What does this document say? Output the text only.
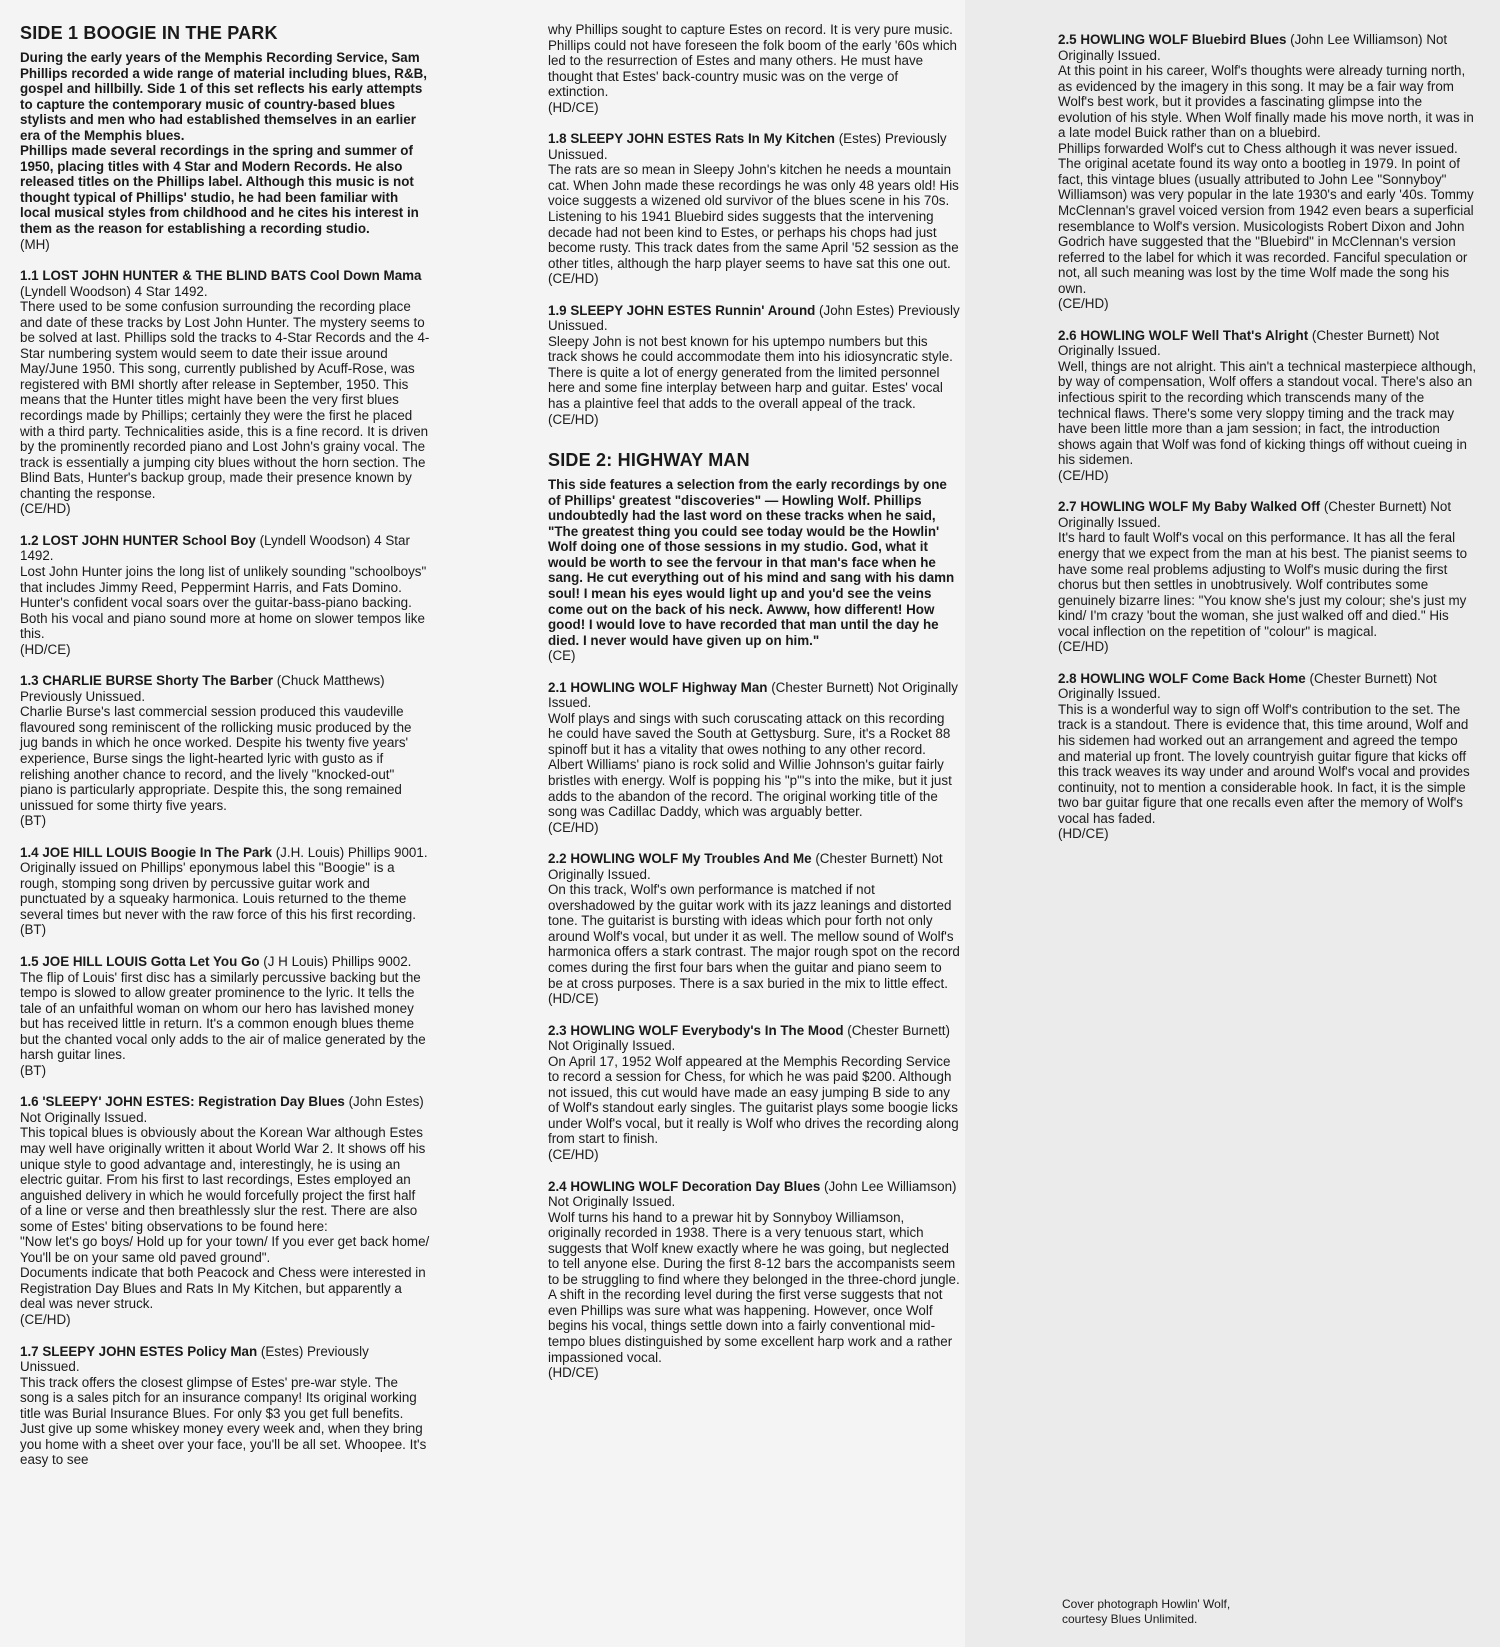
SIDE 1 BOOGIE IN THE PARK

During the early years of the Memphis Recording Service, Sam Phillips recorded a wide range of material including blues, R&B, gospel and hillbilly. Side 1 of this set reflects his early attempts to capture the contemporary music of country-based blues stylists and men who had established themselves in an earlier era of the Memphis blues.

Phillips made several recordings in the spring and summer of 1950, placing titles with 4 Star and Modern Records. He also released titles on the Phillips label. Although this music is not thought typical of Phillips' studio, he had been familiar with local musical styles from childhood and he cites his interest in them as the reason for establishing a recording studio.

(MH)

1.1 LOST JOHN HUNTER & THE BLIND BATS Cool Down Mama (Lyndell Woodson) 4 Star 1492.

There used to be some confusion surrounding the recording place and date of these tracks by Lost John Hunter. The mystery seems to be solved at last. Phillips sold the tracks to 4-Star Records and the 4-Star numbering system would seem to date their issue around May/June 1950. This song, currently published by Acuff-Rose, was registered with BMI shortly after release in September, 1950. This means that the Hunter titles might have been the very first blues recordings made by Phillips; certainly they were the first he placed with a third party. Technicalities aside, this is a fine record. It is driven by the prominently recorded piano and Lost John's grainy vocal. The track is essentially a jumping city blues without the horn section. The Blind Bats, Hunter's backup group, made their presence known by chanting the response.

(CE/HD)

1.2 LOST JOHN HUNTER School Boy (Lyndell Woodson) 4 Star 1492.

Lost John Hunter joins the long list of unlikely sounding "schoolboys" that includes Jimmy Reed, Peppermint Harris, and Fats Domino. Hunter's confident vocal soars over the guitar-bass-piano backing. Both his vocal and piano sound more at home on slower tempos like this.

(HD/CE)

1.3 CHARLIE BURSE Shorty The Barber (Chuck Matthews) Previously Unissued.

Charlie Burse's last commercial session produced this vaudeville flavoured song reminiscent of the rollicking music produced by the jug bands in which he once worked. Despite his twenty five years' experience, Burse sings the light-hearted lyric with gusto as if relishing another chance to record, and the lively "knocked-out" piano is particularly appropriate. Despite this, the song remained unissued for some thirty five years.

(BT)

1.4 JOE HILL LOUIS Boogie In The Park (J.H. Louis) Phillips 9001.

Originally issued on Phillips' eponymous label this "Boogie" is a rough, stomping song driven by percussive guitar work and punctuated by a squeaky harmonica. Louis returned to the theme several times but never with the raw force of this his first recording.

(BT)

1.5 JOE HILL LOUIS Gotta Let You Go (J H Louis) Phillips 9002.

The flip of Louis' first disc has a similarly percussive backing but the tempo is slowed to allow greater prominence to the lyric. It tells the tale of an unfaithful woman on whom our hero has lavished money but has received little in return. It's a common enough blues theme but the chanted vocal only adds to the air of malice generated by the harsh guitar lines.

(BT)

1.6 'SLEEPY' JOHN ESTES: Registration Day Blues (John Estes) Not Originally Issued.

This topical blues is obviously about the Korean War although Estes may well have originally written it about World War 2. It shows off his unique style to good advantage and, interestingly, he is using an electric guitar. From his first to last recordings, Estes employed an anguished delivery in which he would forcefully project the first half of a line or verse and then breathlessly slur the rest. There are also some of Estes' biting observations to be found here:

"Now let's go boys/ Hold up for your town/ If you ever get back home/ You'll be on your same old paved ground".

Documents indicate that both Peacock and Chess were interested in Registration Day Blues and Rats In My Kitchen, but apparently a deal was never struck.

(CE/HD)

1.7 SLEEPY JOHN ESTES Policy Man (Estes) Previously Unissued.

This track offers the closest glimpse of Estes' pre-war style. The song is a sales pitch for an insurance company! Its original working title was Burial Insurance Blues. For only $3 you get full benefits. Just give up some whiskey money every week and, when they bring you home with a sheet over your face, you'll be all set. Whoopee. It's easy to see

why Phillips sought to capture Estes on record. It is very pure music. Phillips could not have foreseen the folk boom of the early '60s which led to the resurrection of Estes and many others. He must have thought that Estes' back-country music was on the verge of extinction.

(HD/CE)

1.8 SLEEPY JOHN ESTES Rats In My Kitchen (Estes) Previously Unissued.

The rats are so mean in Sleepy John's kitchen he needs a mountain cat. When John made these recordings he was only 48 years old! His voice suggests a wizened old survivor of the blues scene in his 70s. Listening to his 1941 Bluebird sides suggests that the intervening decade had not been kind to Estes, or perhaps his chops had just become rusty. This track dates from the same April '52 session as the other titles, although the harp player seems to have sat this one out.

(CE/HD)

1.9 SLEEPY JOHN ESTES Runnin' Around (John Estes) Previously Unissued.

Sleepy John is not best known for his uptempo numbers but this track shows he could accommodate them into his idiosyncratic style. There is quite a lot of energy generated from the limited personnel here and some fine interplay between harp and guitar. Estes' vocal has a plaintive feel that adds to the overall appeal of the track.

(CE/HD)

SIDE 2: HIGHWAY MAN

This side features a selection from the early recordings by one of Phillips' greatest "discoveries" — Howling Wolf. Phillips undoubtedly had the last word on these tracks when he said, "The greatest thing you could see today would be the Howlin' Wolf doing one of those sessions in my studio. God, what it would be worth to see the fervour in that man's face when he sang. He cut everything out of his mind and sang with his damn soul! I mean his eyes would light up and you'd see the veins come out on the back of his neck. Awww, how different! How good! I would love to have recorded that man until the day he died. I never would have given up on him."

(CE)

2.1 HOWLING WOLF Highway Man (Chester Burnett) Not Originally Issued.

Wolf plays and sings with such coruscating attack on this recording he could have saved the South at Gettysburg. Sure, it's a Rocket 88 spinoff but it has a vitality that owes nothing to any other record. Albert Williams' piano is rock solid and Willie Johnson's guitar fairly bristles with energy. Wolf is popping his "p"'s into the mike, but it just adds to the abandon of the record. The original working title of the song was Cadillac Daddy, which was arguably better.

(CE/HD)

2.2 HOWLING WOLF My Troubles And Me (Chester Burnett) Not Originally Issued.

On this track, Wolf's own performance is matched if not overshadowed by the guitar work with its jazz leanings and distorted tone. The guitarist is bursting with ideas which pour forth not only around Wolf's vocal, but under it as well. The mellow sound of Wolf's harmonica offers a stark contrast. The major rough spot on the record comes during the first four bars when the guitar and piano seem to be at cross purposes. There is a sax buried in the mix to little effect.

(HD/CE)

2.3 HOWLING WOLF Everybody's In The Mood (Chester Burnett) Not Originally Issued.

On April 17, 1952 Wolf appeared at the Memphis Recording Service to record a session for Chess, for which he was paid $200. Although not issued, this cut would have made an easy jumping B side to any of Wolf's standout early singles. The guitarist plays some boogie licks under Wolf's vocal, but it really is Wolf who drives the recording along from start to finish.

(CE/HD)

2.4 HOWLING WOLF Decoration Day Blues (John Lee Williamson) Not Originally Issued.

Wolf turns his hand to a prewar hit by Sonnyboy Williamson, originally recorded in 1938. There is a very tenuous start, which suggests that Wolf knew exactly where he was going, but neglected to tell anyone else. During the first 8-12 bars the accompanists seem to be struggling to find where they belonged in the three-chord jungle. A shift in the recording level during the first verse suggests that not even Phillips was sure what was happening. However, once Wolf begins his vocal, things settle down into a fairly conventional mid-tempo blues distinguished by some excellent harp work and a rather impassioned vocal.

(HD/CE)

2.5 HOWLING WOLF Bluebird Blues (John Lee Williamson) Not Originally Issued.

At this point in his career, Wolf's thoughts were already turning north, as evidenced by the imagery in this song. It may be a fair way from Wolf's best work, but it provides a fascinating glimpse into the evolution of his style. When Wolf finally made his move north, it was in a late model Buick rather than on a bluebird.

Phillips forwarded Wolf's cut to Chess although it was never issued. The original acetate found its way onto a bootleg in 1979. In point of fact, this vintage blues (usually attributed to John Lee "Sonnyboy" Williamson) was very popular in the late 1930's and early '40s. Tommy McClennan's gravel voiced version from 1942 even bears a superficial resemblance to Wolf's version. Musicologists Robert Dixon and John Godrich have suggested that the "Bluebird" in McClennan's version referred to the label for which it was recorded. Fanciful speculation or not, all such meaning was lost by the time Wolf made the song his own.

(CE/HD)

2.6 HOWLING WOLF Well That's Alright (Chester Burnett) Not Originally Issued.

Well, things are not alright. This ain't a technical masterpiece although, by way of compensation, Wolf offers a standout vocal. There's also an infectious spirit to the recording which transcends many of the technical flaws. There's some very sloppy timing and the track may have been little more than a jam session; in fact, the introduction shows again that Wolf was fond of kicking things off without cueing in his sidemen.

(CE/HD)

2.7 HOWLING WOLF My Baby Walked Off (Chester Burnett) Not Originally Issued.

It's hard to fault Wolf's vocal on this performance. It has all the feral energy that we expect from the man at his best. The pianist seems to have some real problems adjusting to Wolf's music during the first chorus but then settles in unobtrusively. Wolf contributes some genuinely bizarre lines: "You know she's just my colour; she's just my kind/ I'm crazy 'bout the woman, she just walked off and died." His vocal inflection on the repetition of "colour" is magical.

(CE/HD)

2.8 HOWLING WOLF Come Back Home (Chester Burnett) Not Originally Issued.

This is a wonderful way to sign off Wolf's contribution to the set. The track is a standout. There is evidence that, this time around, Wolf and his sidemen had worked out an arrangement and agreed the tempo and material up front. The lovely countryish guitar figure that kicks off this track weaves its way under and around Wolf's vocal and provides continuity, not to mention a considerable hook. In fact, it is the simple two bar guitar figure that one recalls even after the memory of Wolf's vocal has faded.

(HD/CE)

Cover photograph Howlin' Wolf,

courtesy Blues Unlimited.
